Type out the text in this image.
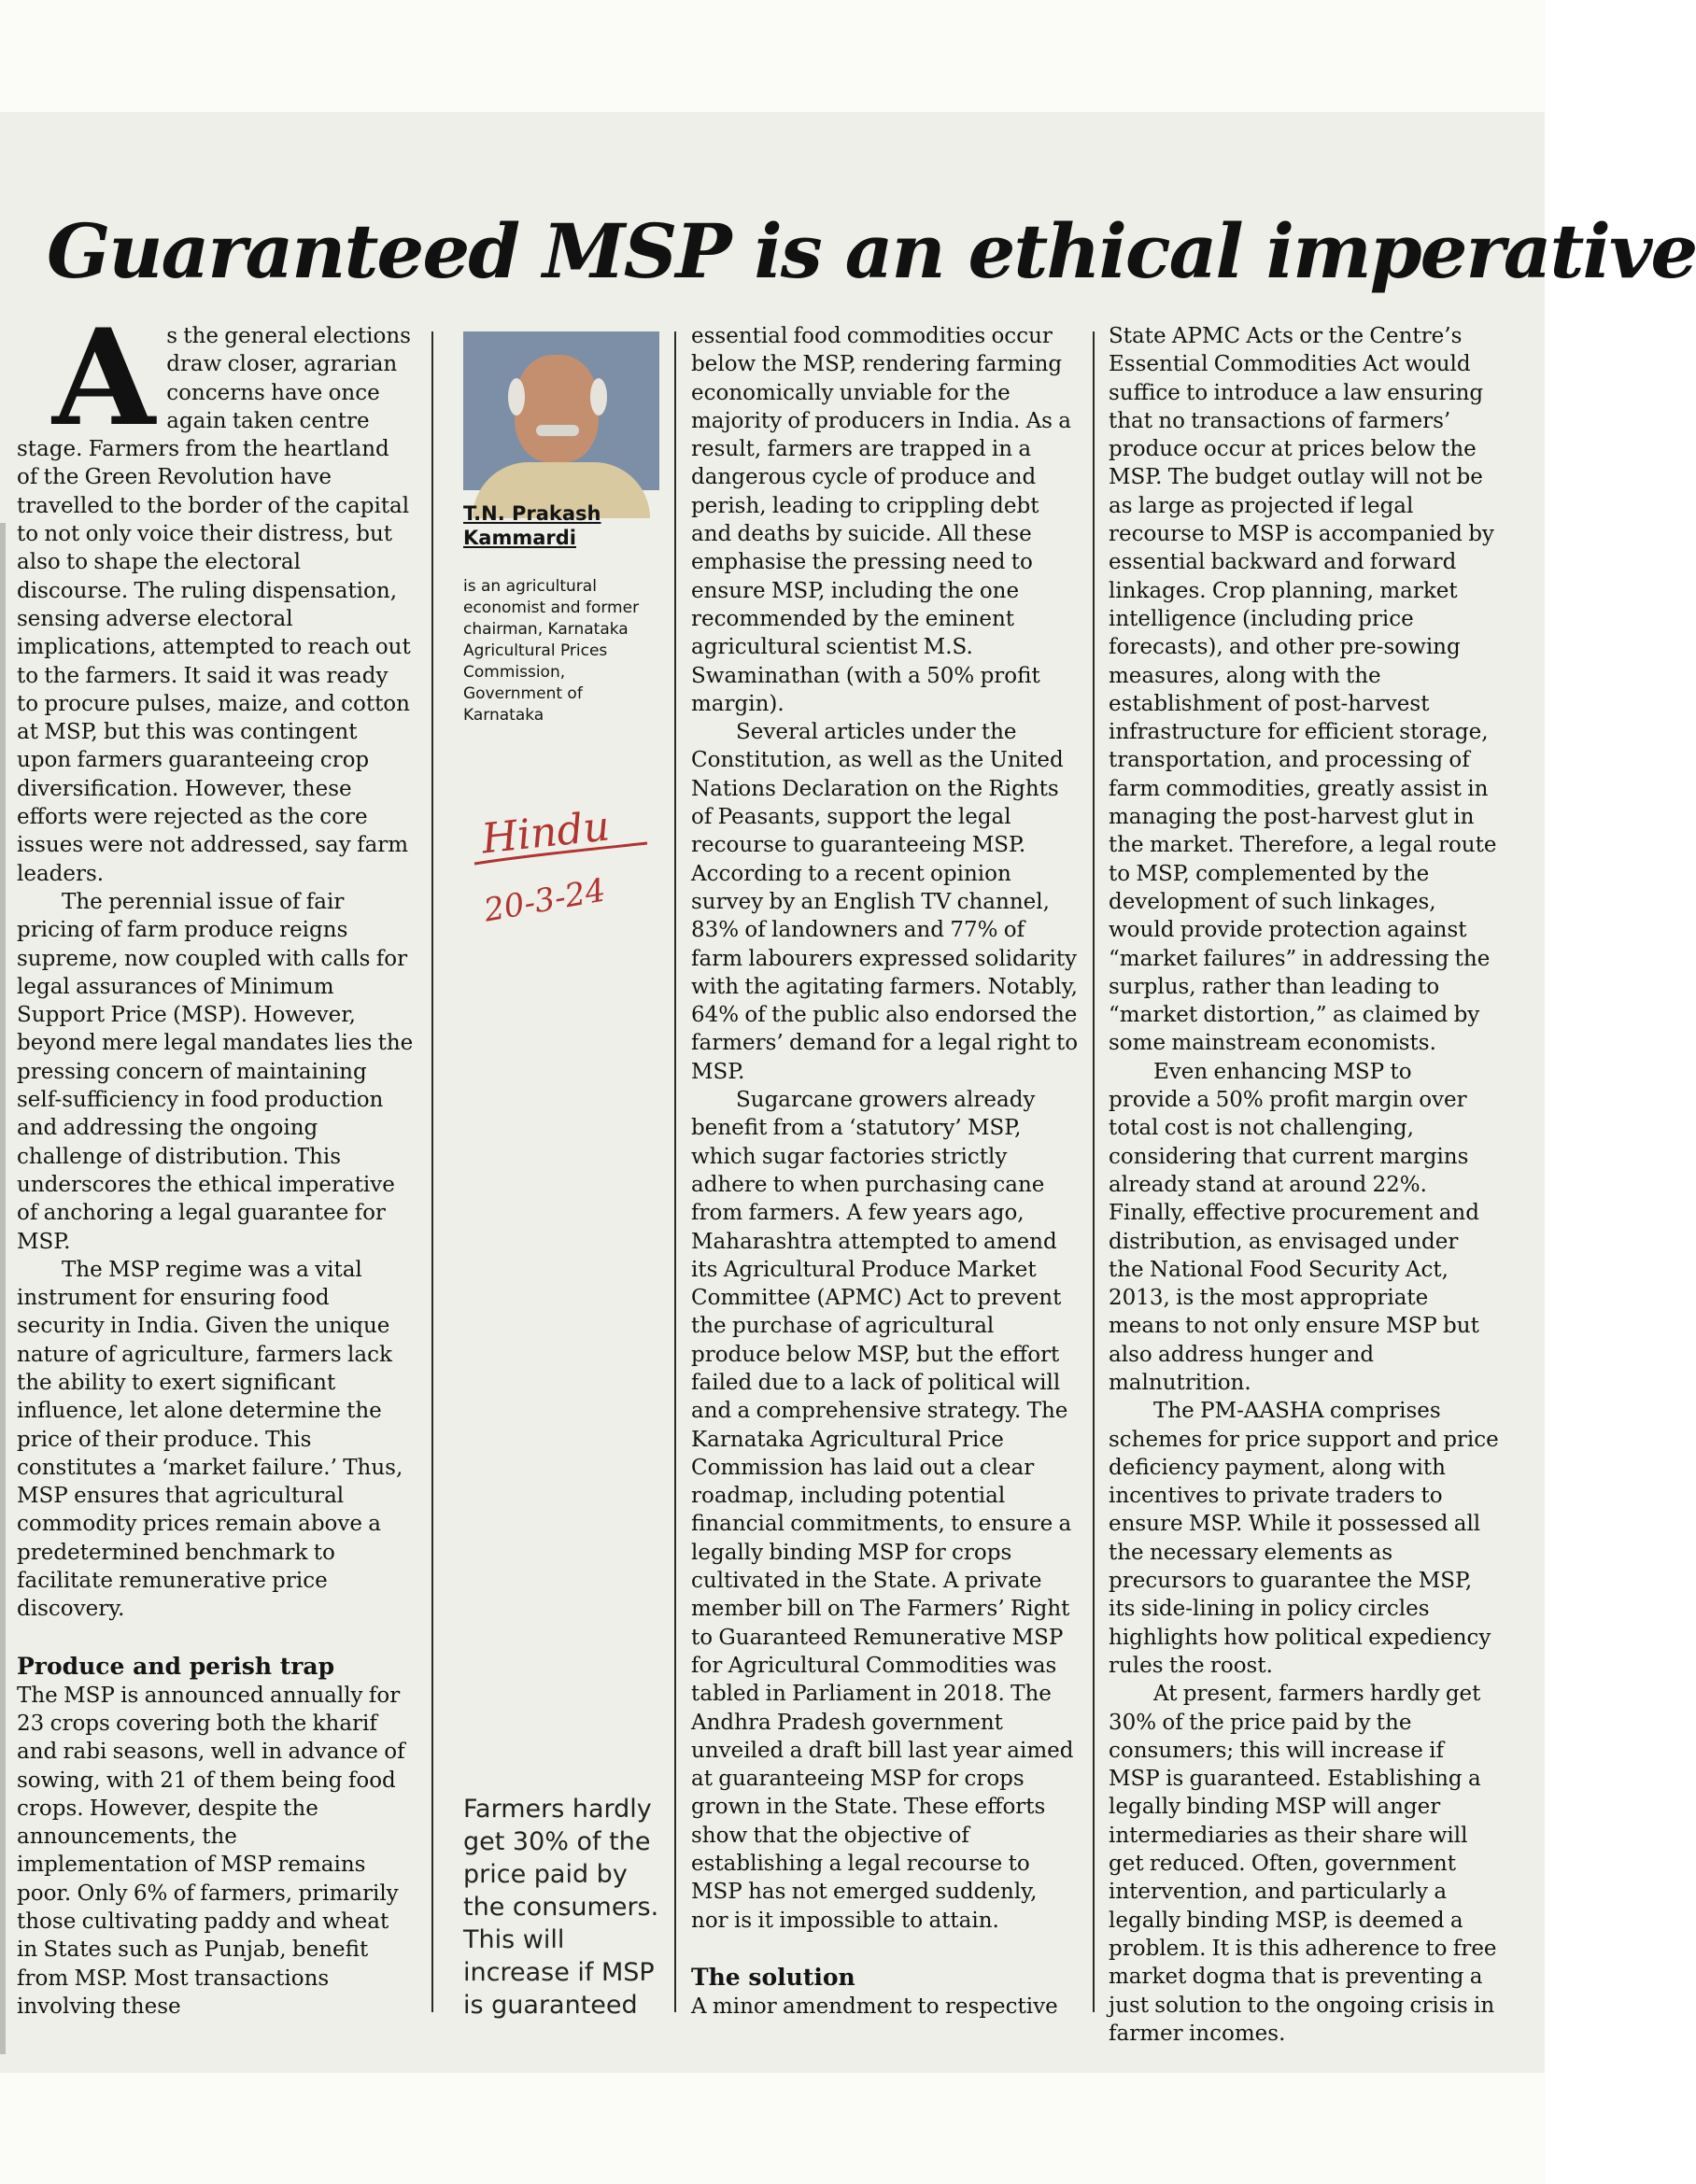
Guaranteed MSP is an ethical imperative

As the general elections draw closer, agrarian concerns have once again taken centre stage. Farmers from the heartland of the Green Revolution have travelled to the border of the capital to not only voice their distress, but also to shape the electoral discourse. The ruling dispensation, sensing adverse electoral implications, attempted to reach out to the farmers. It said it was ready to procure pulses, maize, and cotton at MSP, but this was contingent upon farmers guaranteeing crop diversification. However, these efforts were rejected as the core issues were not addressed, say farm leaders.

The perennial issue of fair pricing of farm produce reigns supreme, now coupled with calls for legal assurances of Minimum Support Price (MSP). However, beyond mere legal mandates lies the pressing concern of maintaining self-sufficiency in food production and addressing the ongoing challenge of distribution. This underscores the ethical imperative of anchoring a legal guarantee for MSP.

The MSP regime was a vital instrument for ensuring food security in India. Given the unique nature of agriculture, farmers lack the ability to exert significant influence, let alone determine the price of their produce. This constitutes a ‘market failure.’ Thus, MSP ensures that agricultural commodity prices remain above a predetermined benchmark to facilitate remunerative price discovery.

Produce and perish trap

The MSP is announced annually for 23 crops covering both the kharif and rabi seasons, well in advance of sowing, with 21 of them being food crops. However, despite the announcements, the implementation of MSP remains poor. Only 6% of farmers, primarily those cultivating paddy and wheat in States such as Punjab, benefit from MSP. Most transactions involving these

T.N. Prakash Kammardi
is an agricultural economist and former chairman, Karnataka Agricultural Prices Commission, Government of Karnataka
Hindu
20-3-24
Farmers hardly get 30% of the price paid by the consumers. This will increase if MSP is guaranteed

essential food commodities occur below the MSP, rendering farming economically unviable for the majority of producers in India. As a result, farmers are trapped in a dangerous cycle of produce and perish, leading to crippling debt and deaths by suicide. All these emphasise the pressing need to ensure MSP, including the one recommended by the eminent agricultural scientist M.S. Swaminathan (with a 50% profit margin).

Several articles under the Constitution, as well as the United Nations Declaration on the Rights of Peasants, support the legal recourse to guaranteeing MSP. According to a recent opinion survey by an English TV channel, 83% of landowners and 77% of farm labourers expressed solidarity with the agitating farmers. Notably, 64% of the public also endorsed the farmers’ demand for a legal right to MSP.

Sugarcane growers already benefit from a ‘statutory’ MSP, which sugar factories strictly adhere to when purchasing cane from farmers. A few years ago, Maharashtra attempted to amend its Agricultural Produce Market Committee (APMC) Act to prevent the purchase of agricultural produce below MSP, but the effort failed due to a lack of political will and a comprehensive strategy. The Karnataka Agricultural Price Commission has laid out a clear roadmap, including potential financial commitments, to ensure a legally binding MSP for crops cultivated in the State. A private member bill on The Farmers’ Right to Guaranteed Remunerative MSP for Agricultural Commodities was tabled in Parliament in 2018. The Andhra Pradesh government unveiled a draft bill last year aimed at guaranteeing MSP for crops grown in the State. These efforts show that the objective of establishing a legal recourse to MSP has not emerged suddenly, nor is it impossible to attain.

The solution

A minor amendment to respective

State APMC Acts or the Centre’s Essential Commodities Act would suffice to introduce a law ensuring that no transactions of farmers’ produce occur at prices below the MSP. The budget outlay will not be as large as projected if legal recourse to MSP is accompanied by essential backward and forward linkages. Crop planning, market intelligence (including price forecasts), and other pre-sowing measures, along with the establishment of post-harvest infrastructure for efficient storage, transportation, and processing of farm commodities, greatly assist in managing the post-harvest glut in the market. Therefore, a legal route to MSP, complemented by the development of such linkages, would provide protection against “market failures” in addressing the surplus, rather than leading to “market distortion,” as claimed by some mainstream economists.

Even enhancing MSP to provide a 50% profit margin over total cost is not challenging, considering that current margins already stand at around 22%. Finally, effective procurement and distribution, as envisaged under the National Food Security Act, 2013, is the most appropriate means to not only ensure MSP but also address hunger and malnutrition.

The PM-AASHA comprises schemes for price support and price deficiency payment, along with incentives to private traders to ensure MSP. While it possessed all the necessary elements as precursors to guarantee the MSP, its side-lining in policy circles highlights how political expediency rules the roost.

At present, farmers hardly get 30% of the price paid by the consumers; this will increase if MSP is guaranteed. Establishing a legally binding MSP will anger intermediaries as their share will get reduced. Often, government intervention, and particularly a legally binding MSP, is deemed a problem. It is this adherence to free market dogma that is preventing a just solution to the ongoing crisis in farmer incomes.
